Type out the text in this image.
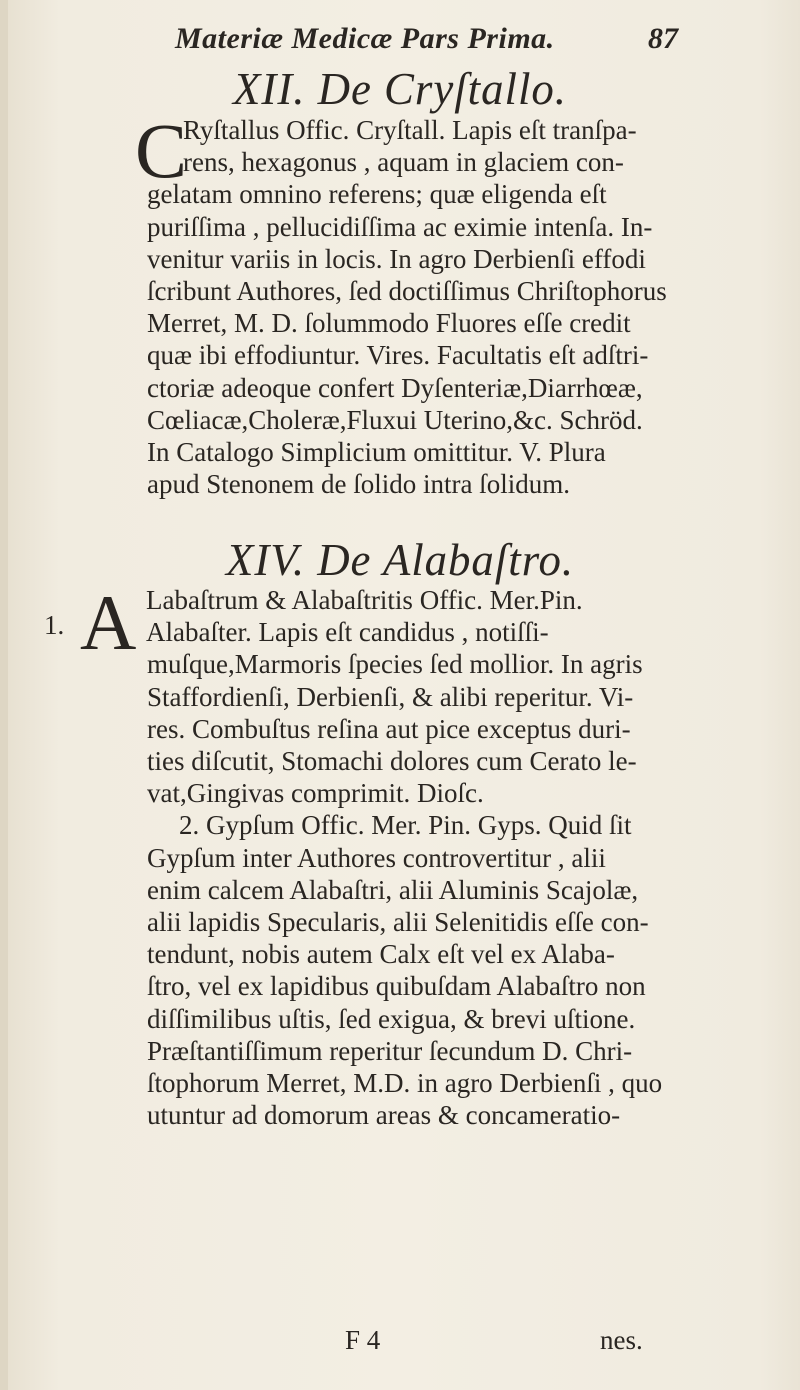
Materiæ Medicæ Pars Prima.	87
XII. De Cryſtallo.
C
Ryſtallus Offic. Cryſtall. Lapis eſt tranſpa-
rens, hexagonus , aquam in glaciem con-
gelatam omnino referens; quæ eligenda eſt
puriſſima , pellucidiſſima ac eximie intenſa. In-
venitur variis in locis. In agro Derbienſi effodi
ſcribunt Authores, ſed doctiſſimus Chriſtophorus
Merret, M. D. ſolummodo Fluores eſſe credit
quæ ibi effodiuntur. Vires. Facultatis eſt adſtri-
ctoriæ adeoque confert Dyſenteriæ,Diarrhœæ,
Cœliacæ,Choleræ,Fluxui Uterino,&c. Schröd.
In Catalogo Simplicium omittitur. V. Plura
apud Stenonem de ſolido intra ſolidum.
XIV. De Alabaſtro.
1. A Labaſtrum & Alabaſtritis Offic. Mer.Pin.
Alabaſter. Lapis eſt candidus , notiſſi-
muſque,Marmoris ſpecies ſed mollior. In agris
Staffordienſi, Derbienſi, & alibi reperitur. Vi-
res. Combuſtus reſina aut pice exceptus duri-
ties diſcutit, Stomachi dolores cum Cerato le-
vat,Gingivas comprimit. Dioſc.
2. Gypſum Offic. Mer. Pin. Gyps. Quid ſit
Gypſum inter Authores controvertitur , alii
enim calcem Alabaſtri, alii Aluminis Scajolæ,
alii lapidis Specularis, alii Selenitidis eſſe con-
tendunt, nobis autem Calx eſt vel ex Alaba-
ſtro, vel ex lapidibus quibuſdam Alabaſtro non
diſſimilibus uſtis, ſed exigua, & brevi uſtione.
Præſtantiſſimum reperitur ſecundum D. Chri-
ſtophorum Merret, M.D. in agro Derbienſi , quo
utuntur ad domorum areas & concameratio-
F 4	nes.
